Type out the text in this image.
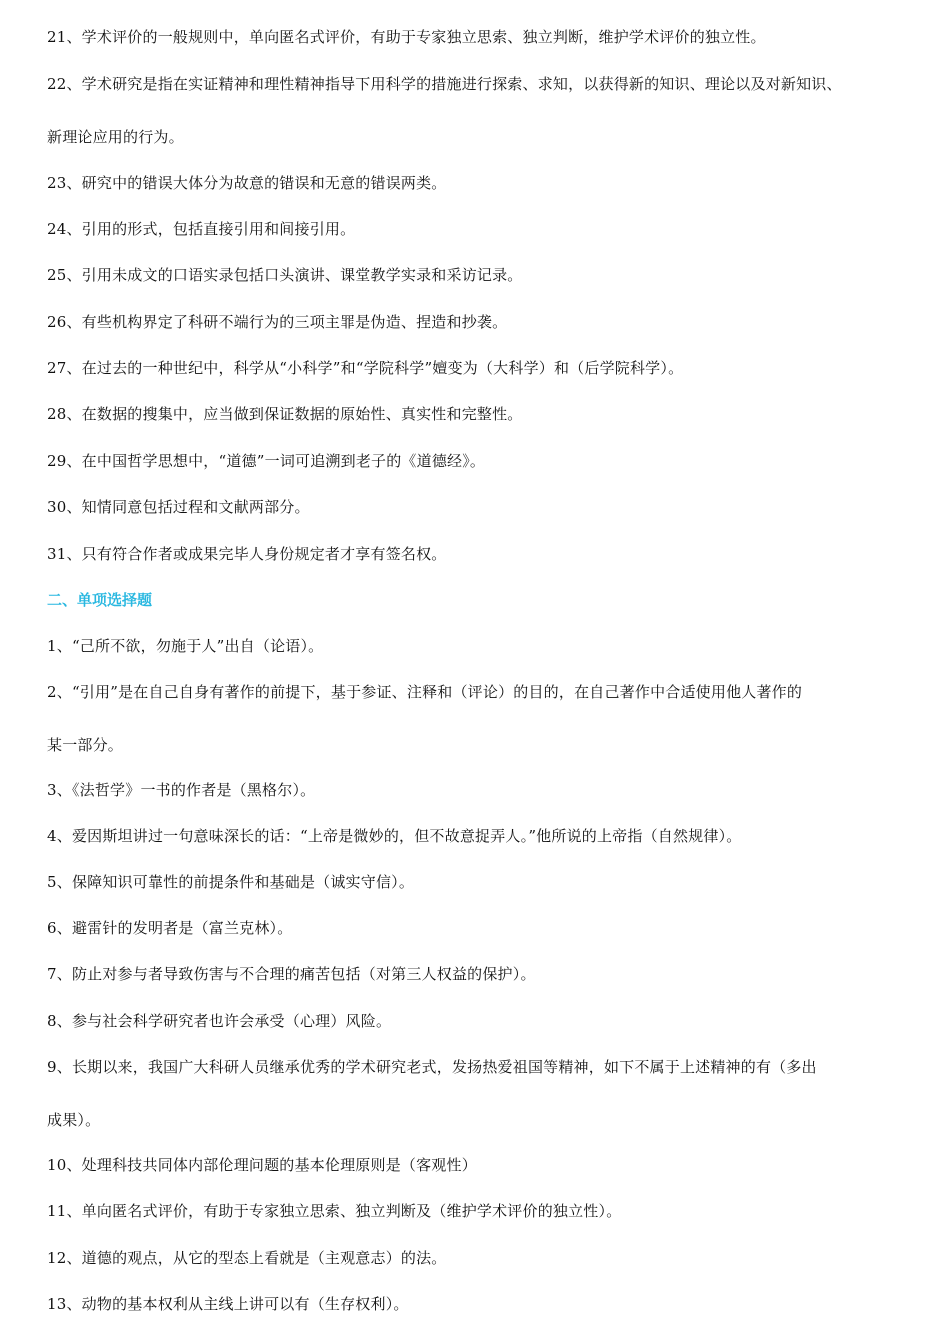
21、学术评价的一般规则中，单向匿名式评价，有助于专家独立思索、独立判断，维护学术评价的独立性。
22、学术研究是指在实证精神和理性精神指导下用科学的措施进行探索、求知，以获得新的知识、理论以及对新知识、
新理论应用的行为。
23、研究中的错误大体分为故意的错误和无意的错误两类。
24、引用的形式，包括直接引用和间接引用。
25、引用未成文的口语实录包括口头演讲、课堂教学实录和采访记录。
26、有些机构界定了科研不端行为的三项主罪是伪造、捏造和抄袭。
27、在过去的一种世纪中，科学从“小科学”和“学院科学”嬗变为（大科学）和（后学院科学）。
28、在数据的搜集中，应当做到保证数据的原始性、真实性和完整性。
29、在中国哲学思想中，“道德”一词可追溯到老子的《道德经》。
30、知情同意包括过程和文献两部分。
31、只有符合作者或成果完毕人身份规定者才享有签名权。
二、单项选择题
1、“己所不欲，勿施于人”出自（论语）。
2、“引用”是在自己自身有著作的前提下，基于参证、注释和（评论）的目的，在自己著作中合适使用他人著作的
某一部分。
3、《法哲学》一书的作者是（黑格尔）。
4、爱因斯坦讲过一句意味深长的话：“上帝是微妙的，但不故意捉弄人。”他所说的上帝指（自然规律）。
5、保障知识可靠性的前提条件和基础是（诚实守信）。
6、避雷针的发明者是（富兰克林）。
7、防止对参与者导致伤害与不合理的痛苦包括（对第三人权益的保护）。
8、参与社会科学研究者也许会承受（心理）风险。
9、长期以来，我国广大科研人员继承优秀的学术研究老式，发扬热爱祖国等精神，如下不属于上述精神的有（多出
成果）。
10、处理科技共同体内部伦理问题的基本伦理原则是（客观性）
11、单向匿名式评价，有助于专家独立思索、独立判断及（维护学术评价的独立性）。
12、道德的观点，从它的型态上看就是（主观意志）的法。
13、动物的基本权利从主线上讲可以有（生存权利）。
